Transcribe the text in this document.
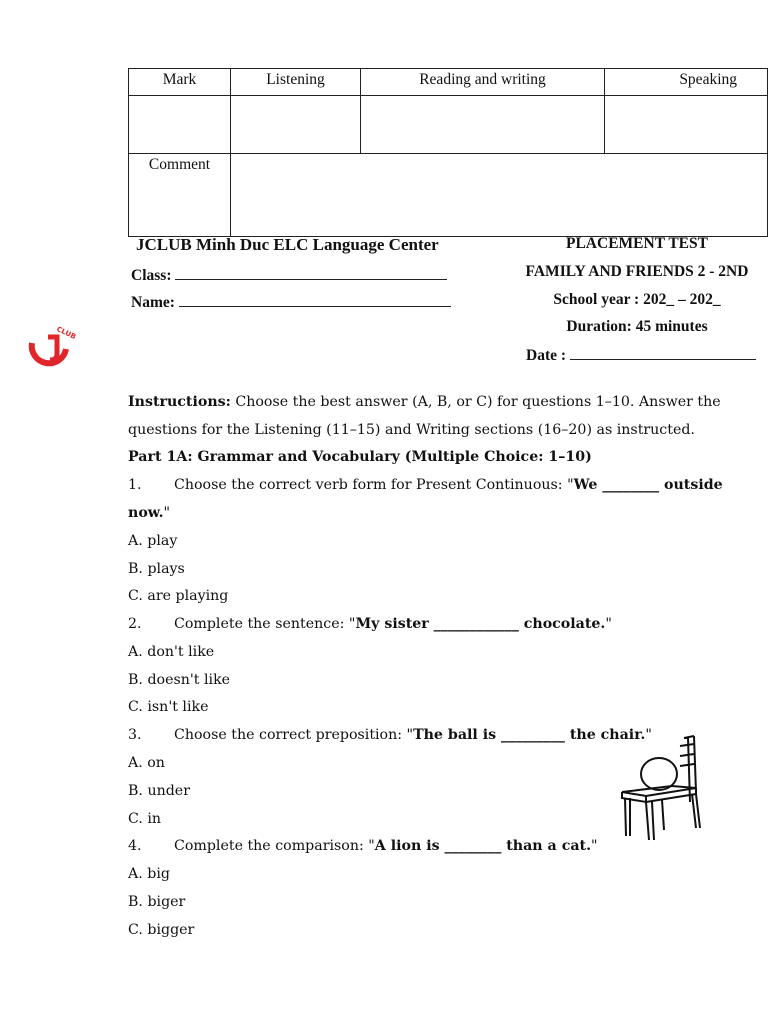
Mark	Listening	Reading and writing	Speaking

Comment			
JCLUB Minh Duc ELC Language Center
Class:
Name:
PLACEMENT TEST
FAMILY AND FRIENDS 2 - 2ND
School year : 202_ – 202_
Duration: 45 minutes
Date :
CLUB
Instructions: Choose the best answer (A, B, or C) for questions 1–10. Answer the
questions for the Listening (11–15) and Writing sections (16–20) as instructed.
Part 1A: Grammar and Vocabulary (Multiple Choice: 1–10)
1. Choose the correct verb form for Present Continuous: "We ________ outside
now."
A. play
B. plays
C. are playing
2. Complete the sentence: "My sister ____________ chocolate."
A. don't like
B. doesn't like
C. isn't like
3. Choose the correct preposition: "The ball is _________ the chair."
A. on
B. under
C. in
4. Complete the comparison: "A lion is ________ than a cat."
A. big
B. biger
C. bigger
